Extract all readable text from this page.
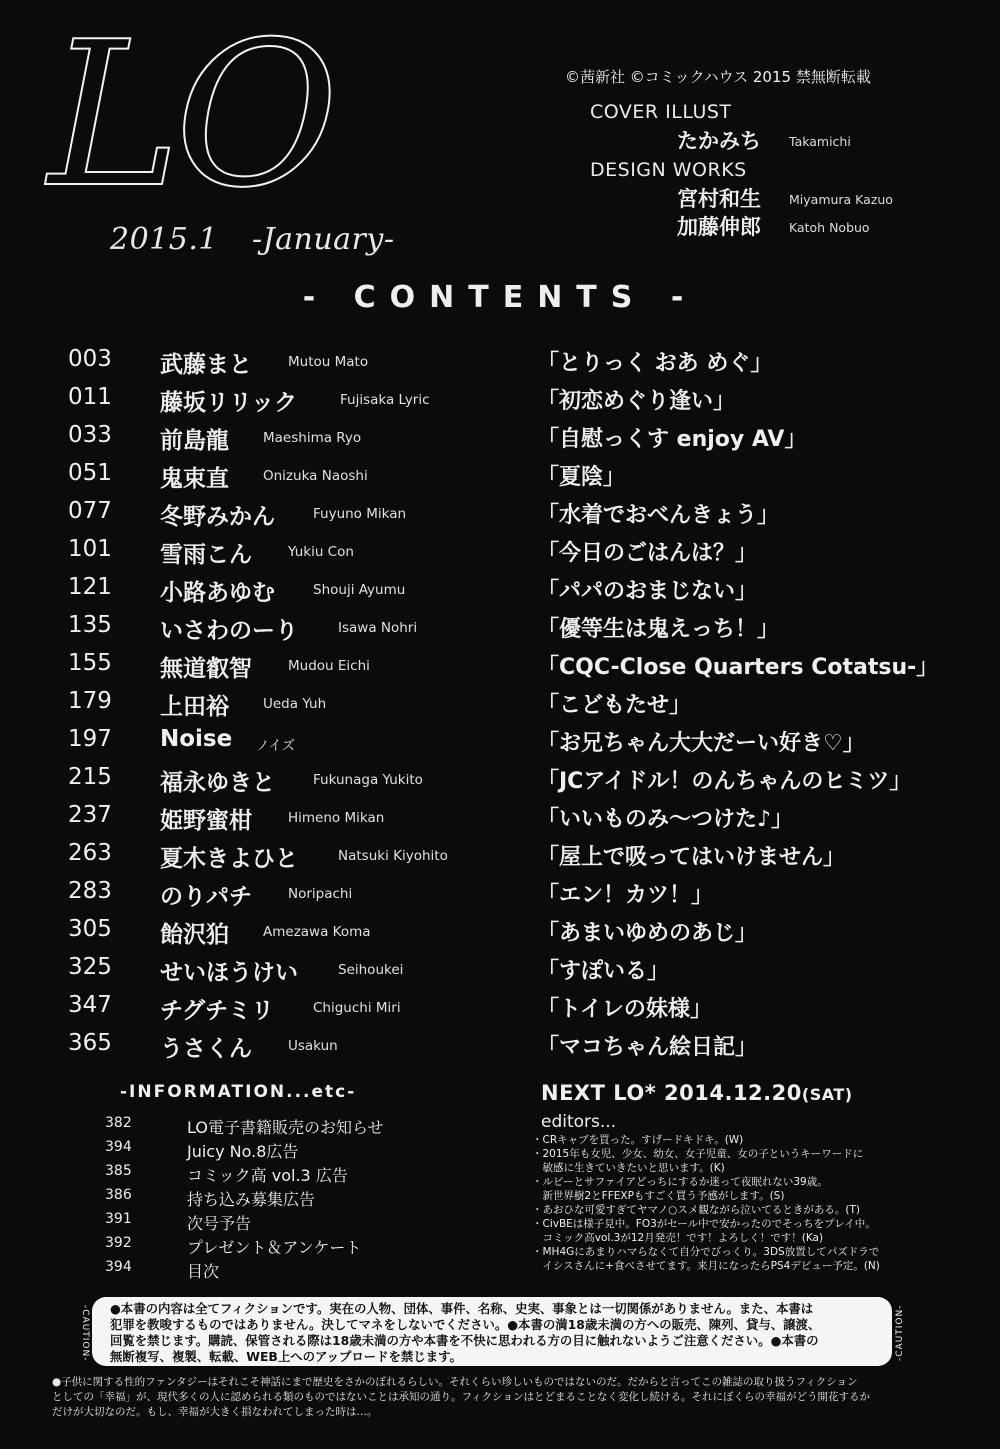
LO
2015.1 -January-
©茜新社 ©コミックハウス 2015 禁無断転載
COVER ILLUST
たかみち Takamichi
DESIGN WORKS
宮村和生 Miyamura Kazuo
加藤伸郎 Katoh Nobuo
- CONTENTS -
003 武藤まと	Mutou Mato	「とりっく おあ めぐ」
011 藤坂リリック	Fujisaka Lyric	「初恋めぐり逢い」
033 前島龍	Maeshima Ryo	「自慰っくす enjoy AV」
051 鬼束直	Onizuka Naoshi	「夏陰」
077 冬野みかん	Fuyuno Mikan	「水着でおべんきょう」
101 雪雨こん	Yukiu Con	「今日のごはんは？」
121 小路あゆむ	Shouji Ayumu	「パパのおまじない」
135 いさわのーり	Isawa Nohri	「優等生は鬼えっち！」
155 無道叡智	Mudou Eichi	「CQC-Close Quarters Cotatsu-」
179 上田裕	Ueda Yuh	「こどもたせ」
197 Noise ノイズ	「お兄ちゃん大大だーい好き♡」
215 福永ゆきと	Fukunaga Yukito	「JCアイドル！のんちゃんのヒミツ」
237 姫野蜜柑	Himeno Mikan	「いいものみ～つけた♪」
263 夏木きよひと	Natsuki Kiyohito	「屋上で吸ってはいけません」
283 のりパチ	Noripachi	「エン！カツ！」
305 飴沢狛	Amezawa Koma	「あまいゆめのあじ」
325 せいほうけい	Seihoukei	「すぽいる」
347 チグチミリ	Chiguchi Miri	「トイレの妹様」
365 うさくん	Usakun	「マコちゃん絵日記」
-INFORMATION...etc-
382	LO電子書籍販売のお知らせ
394	Juicy No.8広告
385	コミック高 vol.3 広告
386	持ち込み募集広告
391	次号予告
392	プレゼント＆アンケート
394	目次
NEXT LO* 2014.12.20(SAT)
editors...
・CRキャブを買った。すげードキドキ。(W)
・2015年も女児、少女、幼女、女子児童、女の子というキーワードに
　敏感に生きていきたいと思います。(K)
・ルビーとサファイアどっちにするか迷って夜眠れない39歳。
　新世界樹2とFFEXPもすごく買う予感がします。(S)
・あおひな可愛すぎてヤマノ○スメ観ながら泣いてるときがある。(T)
・CivBEは様子見中。FO3がセール中で安かったのでそっちをプレイ中。
　コミック高vol.3が12月発売！です！よろしく！です！(Ka)
・MH4Gにあまりハマらなくて自分でびっくり。3DS放置してパズドラで
　イシスさんに+食べさせてます。来月になったらPS4デビュー予定。(N)
-CAUTION- ●本書の内容は全てフィクションです。実在の人物、団体、事件、名称、史実、事象とは一切関係がありません。また、本書は
犯罪を教唆するものではありません。決してマネをしないでください。●本書の満18歳未満の方への販売、陳列、貸与、譲渡、
回覧を禁じます。購読、保管される際は18歳未満の方や本書を不快に思われる方の目に触れないようご注意ください。●本書の
無断複写、複製、転載、WEB上へのアップロードを禁じます。	-CAUTION-
●子供に関する性的ファンタジーはそれこそ神話にまで歴史をさかのぼれるらしい。それくらい珍しいものではないのだ。だからと言ってこの雑誌の取り扱うフィクション
としての「幸福」が、現代多くの人に認められる類のものではないことは承知の通り。フィクションはとどまることなく変化し続ける。それにぼくらの幸福がどう開花するか
だけが大切なのだ。もし、幸福が大きく損なわれてしまった時は…。
